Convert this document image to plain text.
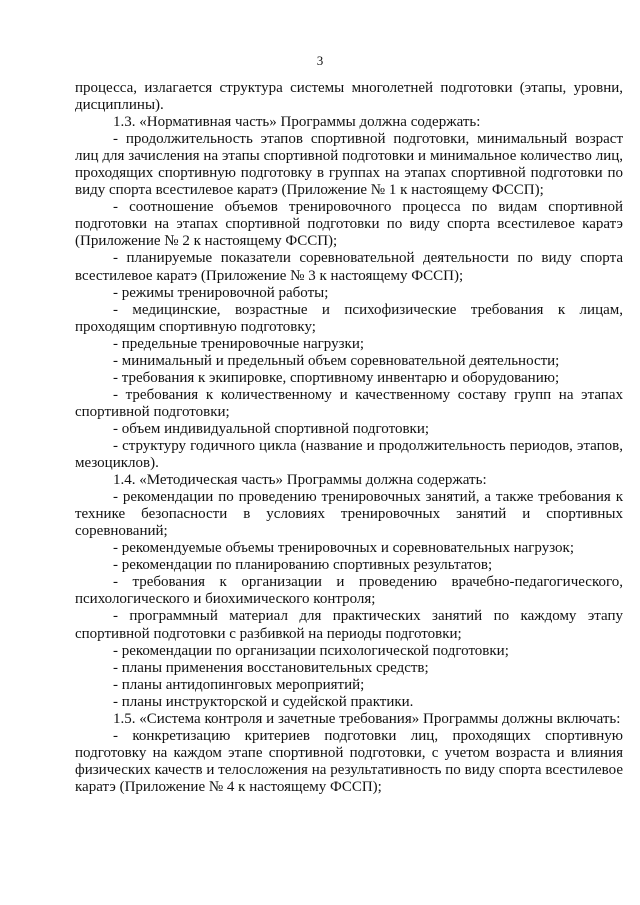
3

процесса, излагается структура системы многолетней подготовки (этапы, уровни, дисциплины).

1.3. «Нормативная часть» Программы должна содержать:

- продолжительность этапов спортивной подготовки, минимальный возраст лиц для зачисления на этапы спортивной подготовки и минимальное количество лиц, проходящих спортивную подготовку в группах на этапах спортивной подготовки по виду спорта всестилевое каратэ (Приложение № 1 к настоящему ФССП);

- соотношение объемов тренировочного процесса по видам спортивной подготовки на этапах спортивной подготовки по виду спорта всестилевое каратэ (Приложение № 2 к настоящему ФССП);

- планируемые показатели соревновательной деятельности по виду спорта всестилевое каратэ (Приложение № 3 к настоящему ФССП);

- режимы тренировочной работы;

- медицинские, возрастные и психофизические требования к лицам, проходящим спортивную подготовку;

- предельные тренировочные нагрузки;

- минимальный и предельный объем соревновательной деятельности;

- требования к экипировке, спортивному инвентарю и оборудованию;

- требования к количественному и качественному составу групп на этапах спортивной подготовки;

- объем индивидуальной спортивной подготовки;

- структуру годичного цикла (название и продолжительность периодов, этапов, мезоциклов).

1.4. «Методическая часть» Программы должна содержать:

- рекомендации по проведению тренировочных занятий, а также требования к технике безопасности в условиях тренировочных занятий и спортивных соревнований;

- рекомендуемые объемы тренировочных и соревновательных нагрузок;

- рекомендации по планированию спортивных результатов;

- требования к организации и проведению врачебно-педагогического, психологического и биохимического контроля;

- программный материал для практических занятий по каждому этапу спортивной подготовки с разбивкой на периоды подготовки;

- рекомендации по организации психологической подготовки;

- планы применения восстановительных средств;

- планы антидопинговых мероприятий;

- планы инструкторской и судейской практики.

1.5. «Система контроля и зачетные требования» Программы должны включать:

- конкретизацию критериев подготовки лиц, проходящих спортивную подготовку на каждом этапе спортивной подготовки, с учетом возраста и влияния физических качеств и телосложения на результативность по виду спорта всестилевое каратэ (Приложение № 4 к настоящему ФССП);
